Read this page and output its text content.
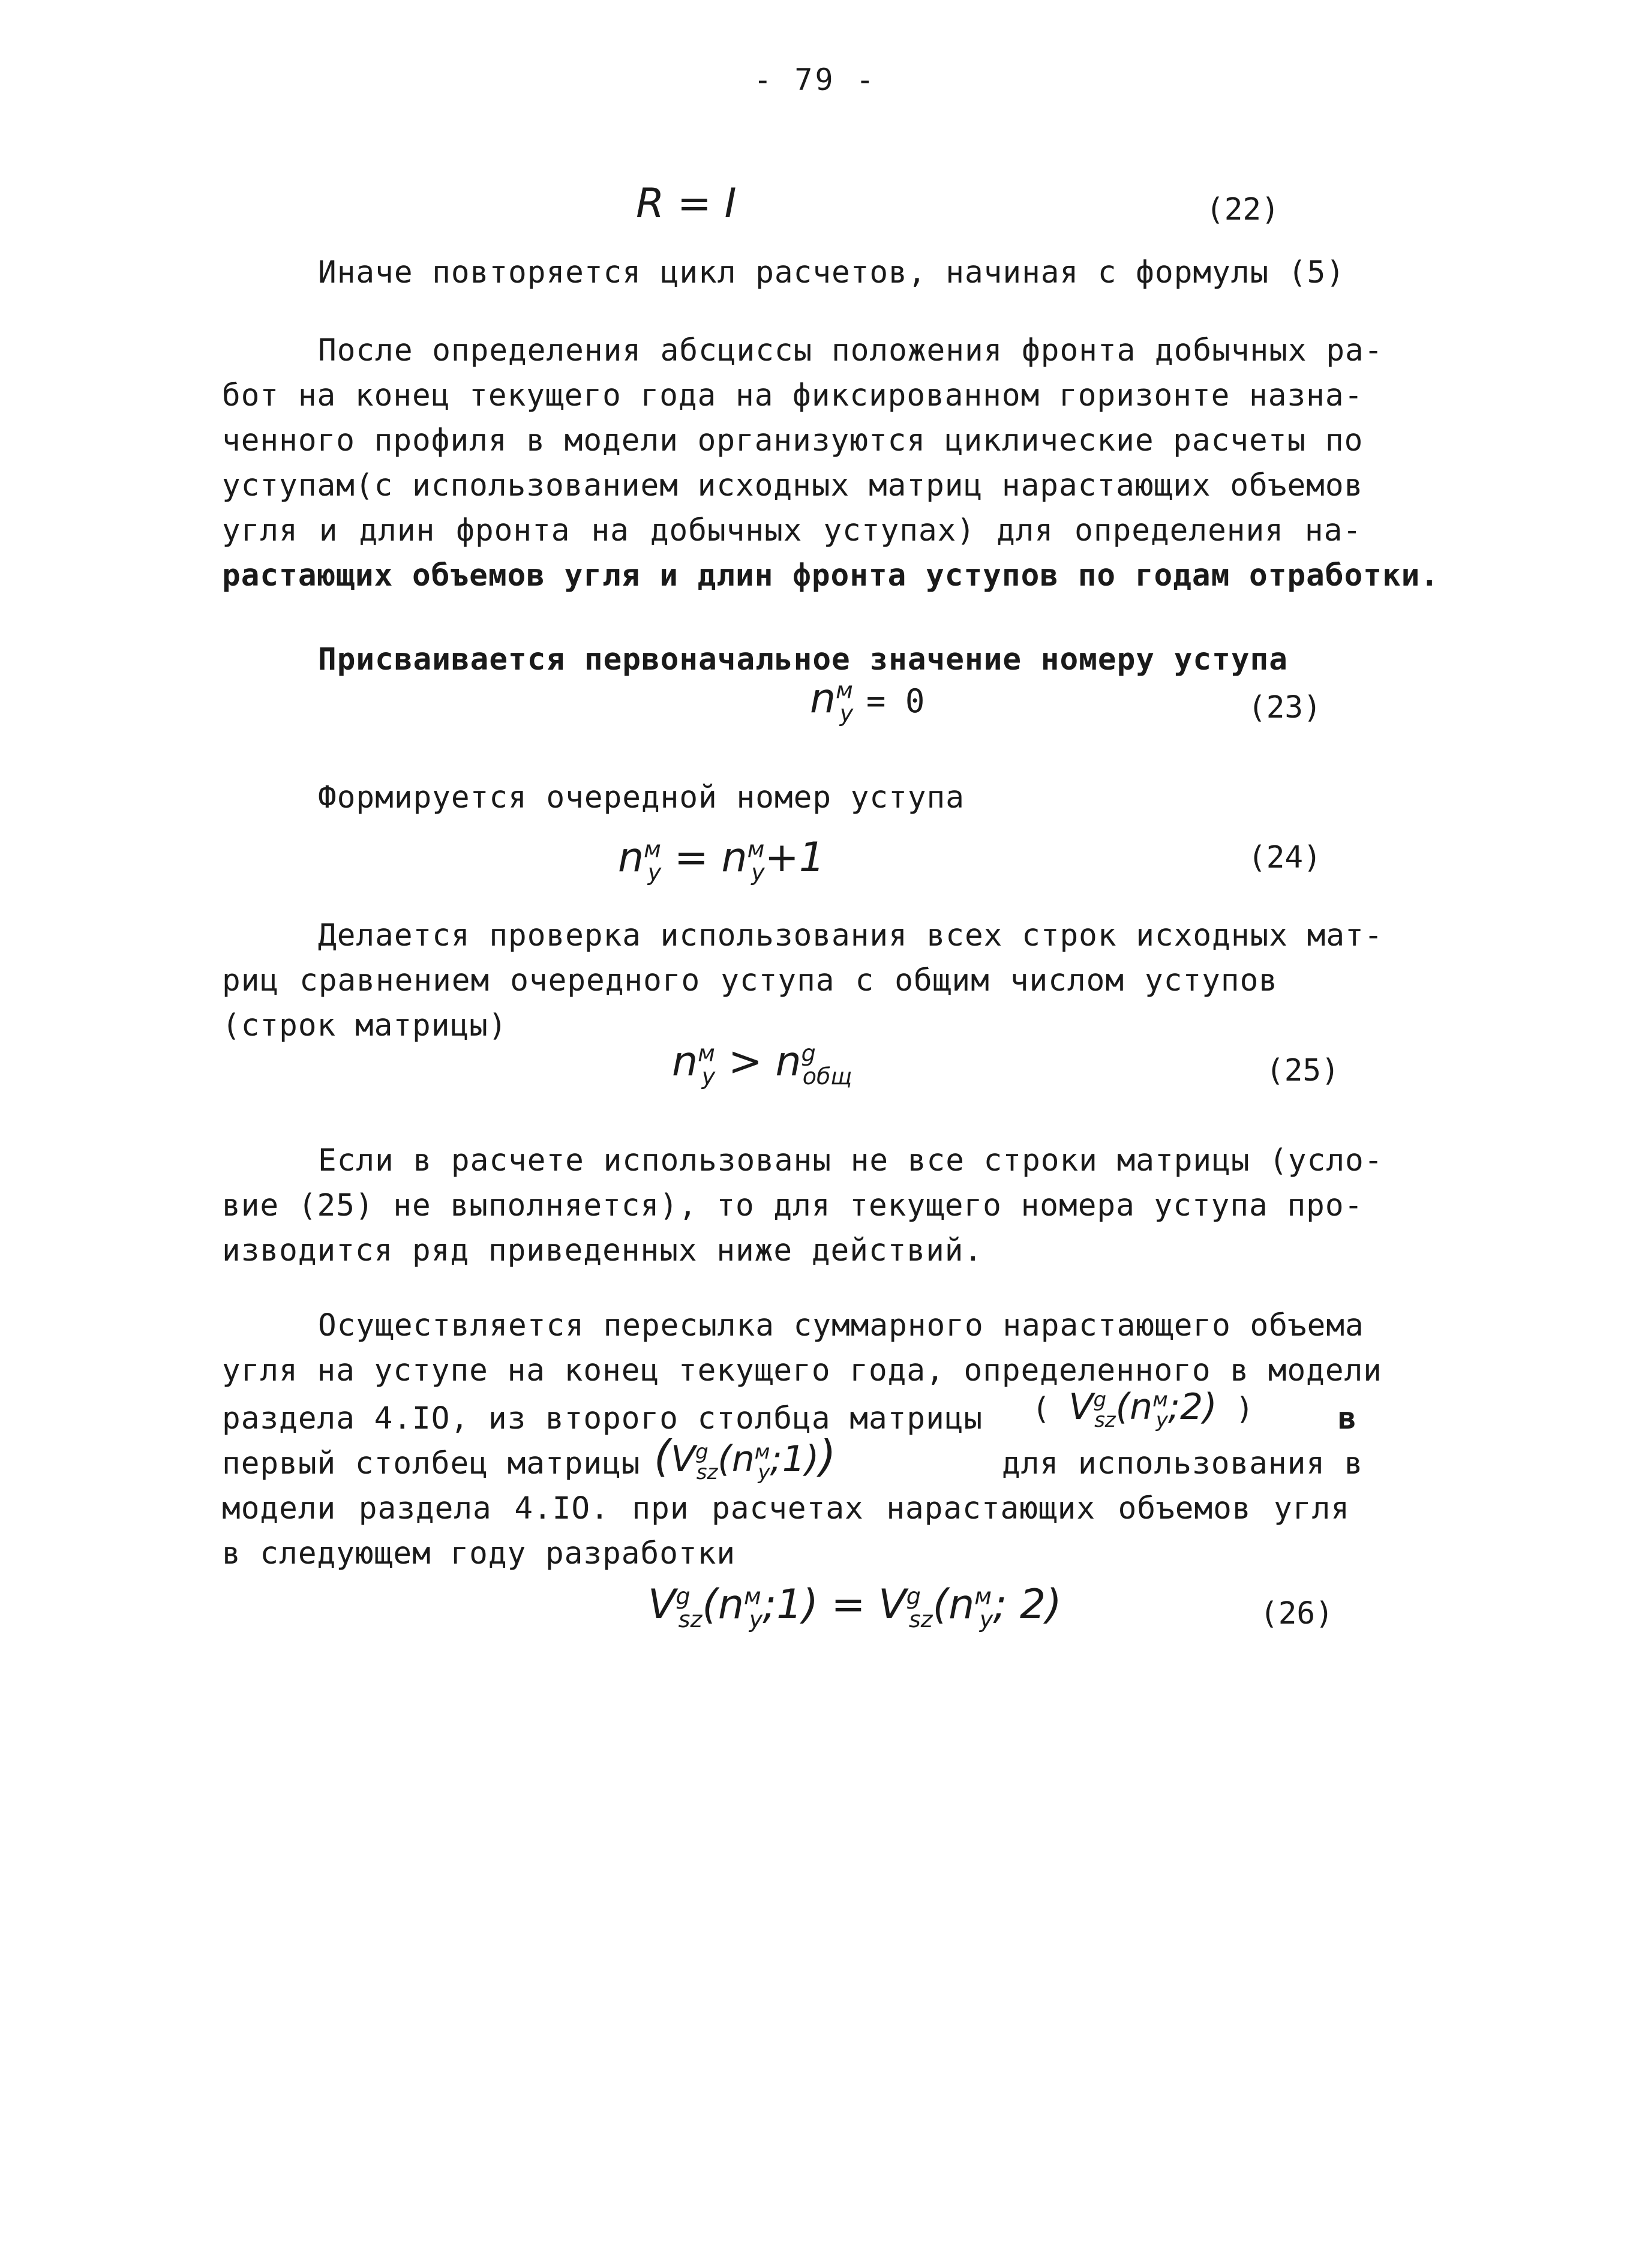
- 79 -
R = I	(22)
Иначе повторяется цикл расчетов, начиная с формулы (5)
После определения абсциссы положения фронта добычных ра-
бот на конец текущего года на фиксированном горизонте назна-
ченного профиля в модели организуются циклические расчеты по
уступам(с использованием исходных матриц нарастающих объемов
угля и длин фронта на добычных уступах) для определения на-
растающих объемов угля и длин фронта уступов по годам отработки.
Присваивается первоначальное значение номеру уступа
$n^м_у = 0$	(23)
Формируется очередной номер уступа
$n^м_у = n^м_у+1$	(24)
Делается проверка использования всех строк исходных мат-
риц сравнением очередного уступа с общим числом уступов
(строк матрицы)
$n^м_у > n^g_{общ}$	(25)
Если в расчете использованы не все строки матрицы (усло-
вие (25) не выполняется), то для текущего номера уступа про-
изводится ряд приведенных ниже действий.
Осуществляется пересылка суммарного нарастающего объема
угля на уступе на конец текущего года, определенного в модели
раздела 4.IO, из второго столбца матрицы	( $V^g_{sz}(n^м_у;2)$ )	в
первый столбец матрицы $(V^g_{sz}(n^м_у;1))$	для использования в
модели раздела 4.IO. при расчетах нарастающих объемов угля
в следующем году разработки
$V^g_{sz}(n^м_у;1) = V^g_{sz}(n^м_у$; 2)	(26)
